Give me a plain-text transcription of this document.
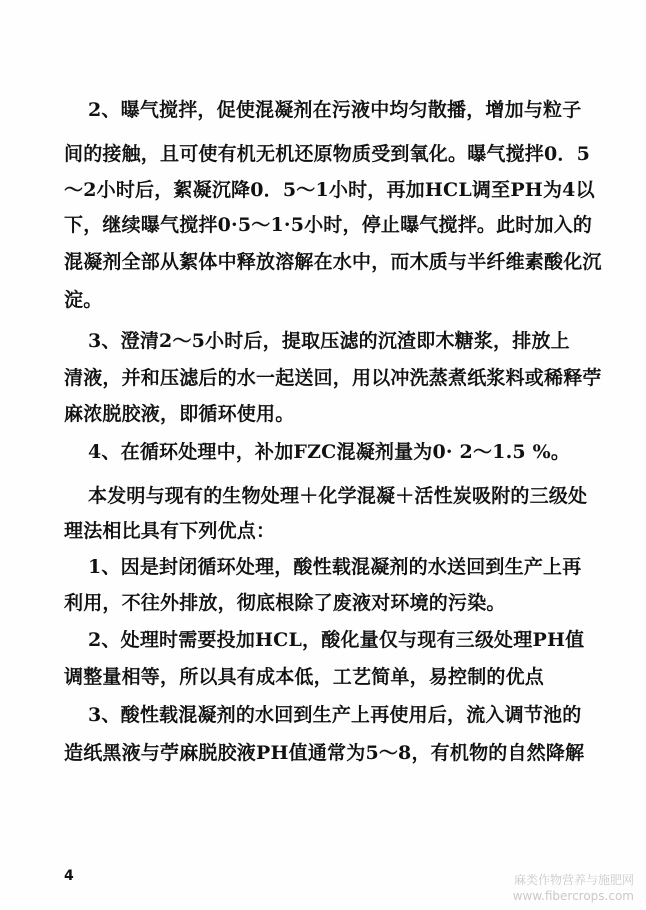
2、曝气搅拌，促使混凝剂在污液中均匀散播，增加与粒子
间的接触，且可使有机无机还原物质受到氧化。曝气搅拌0．5
～2小时后，絮凝沉降0．5～1小时，再加HCL调至PH为4以
下，继续曝气搅拌0·5～1·5小时，停止曝气搅拌。此时加入的
混凝剂全部从絮体中释放溶解在水中，而木质与半纤维素酸化沉
淀。
3、澄清2～5小时后，提取压滤的沉渣即木糖浆，排放上
清液，并和压滤后的水一起送回，用以冲洗蒸煮纸浆料或稀释苧
麻浓脱胶液，即循环使用。
4、在循环处理中，补加FZC混凝剂量为0· 2～1.5 %。
本发明与现有的生物处理＋化学混凝＋活性炭吸附的三级处
理法相比具有下列优点：
1、因是封闭循环处理，酸性载混凝剂的水送回到生产上再
利用，不往外排放，彻底根除了废液对环境的污染。
2、处理时需要投加HCL，酸化量仅与现有三级处理PH值
调整量相等，所以具有成本低，工艺简单，易控制的优点
3、酸性载混凝剂的水回到生产上再使用后，流入调节池的
造纸黑液与苧麻脱胶液PH值通常为5～8，有机物的自然降解
4	麻类作物营养与施肥网
www.fibercrops.com
